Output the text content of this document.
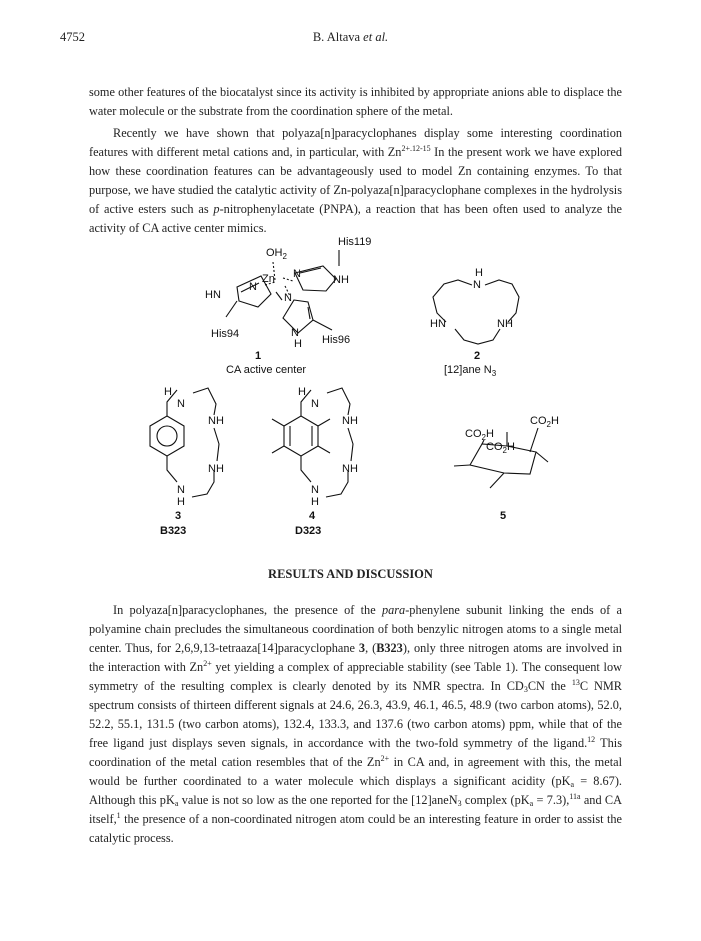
4752	B. Altava et al.

some other features of the biocatalyst since its activity is inhibited by appropriate anions able to displace the water molecule or the substrate from the coordination sphere of the metal.

Recently we have shown that polyaza[n]paracyclophanes display some interesting coordination features with different metal cations and, in particular, with $Zn^{2+.12-15}$ In the present work we have explored how these coordination features can be advantageously used to model Zn containing enzymes. To that purpose, we have studied the catalytic activity of Zn-polyaza[n]paracyclophane complexes in the hydrolysis of active esters such as p-nitrophenylacetate (PNPA), a reaction that has been often used to analyze the activity of CA active center mimics.

$OH_2$
Zn N	NH
N
HN	N
N
H
His119
His94	His96
1
CA active center
H
N
HN	NH
2
[12]ane $N_3$
H
N
NH
NH
N
H
3
B323
H
N
NH
NH
N
H
4
D323
$CO_2H$
$CO_2H$
$CO_2H$
5
RESULTS AND DISCUSSION

In polyaza[n]paracyclophanes, the presence of the para-phenylene subunit linking the ends of a polyamine chain precludes the simultaneous coordination of both benzylic nitrogen atoms to a single metal center. Thus, for 2,6,9,13-tetraaza[14]paracyclophane 3, (B323), only three nitrogen atoms are involved in the interaction with $Zn^{2+}$ yet yielding a complex of appreciable stability (see Table 1). The consequent low symmetry of the resulting complex is clearly denoted by its NMR spectra. In $CD_3CN$ the $^{13}$C NMR spectrum consists of thirteen different signals at 24.6, 26.3, 43.9, 46.1, 46.5, 48.9 (two carbon atoms), 52.0, 52.2, 55.1, 131.5 (two carbon atoms), 132.4, 133.3, and 137.6 (two carbon atoms) ppm, while that of the free ligand just displays seven signals, in accordance with the two-fold symmetry of the ligand.$^{12}$ This coordination of the metal cation resembles that of the $Zn^{2+}$ in CA and, in agreement with this, the metal would be further coordinated to a water molecule which displays a significant acidity $(pK_a = 8.67)$. Although this $pK_a$ value is not so low as the one reported for the [12]aneN$_3$ complex $(pK_a = 7.3),^{11a}$ and CA itself,$^1$ the presence of a non-coordinated nitrogen atom could be an interesting feature in order to assist the catalytic process.
